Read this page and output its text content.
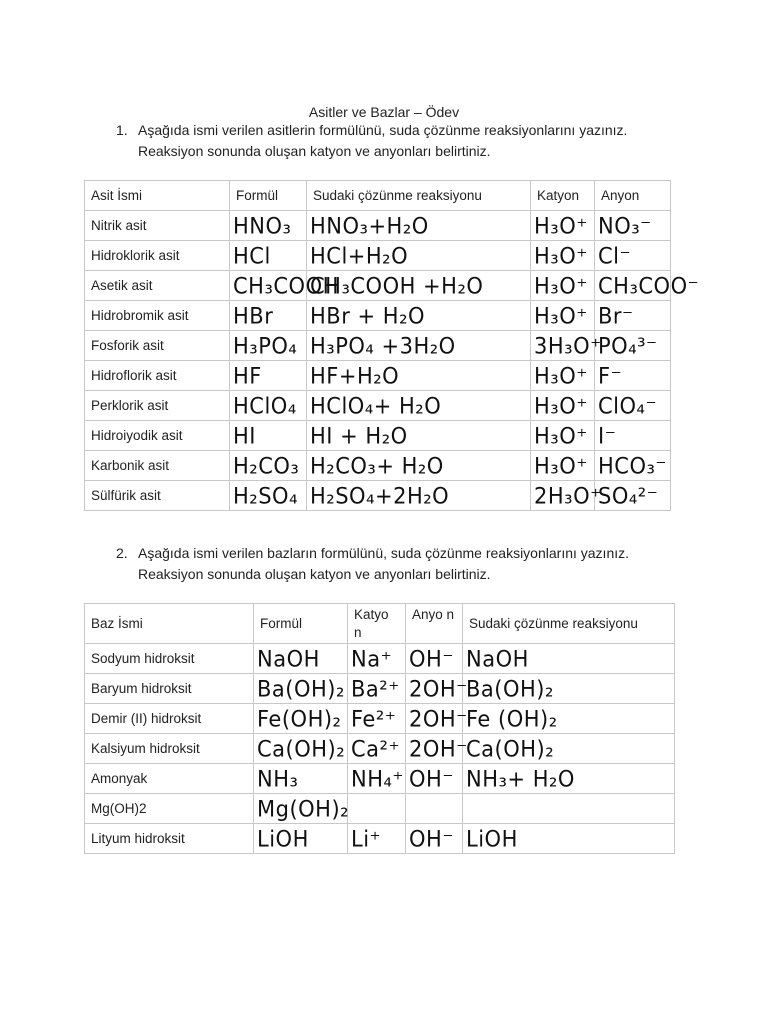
Asitler ve Bazlar – Ödev
1. Aşağıda ismi verilen asitlerin formülünü, suda çözünme reaksiyonlarını yazınız. Reaksiyon sonunda oluşan katyon ve anyonları belirtiniz.
Asit İsmi	Formül	Sudaki çözünme reaksiyonu	Katyon	Anyon
Nitrik asit	HNO₃	HNO₃+H₂O	H₃O⁺	NO₃⁻
Hidroklorik asit	HCl	HCl+H₂O	H₃O⁺	Cl⁻
Asetik asit	CH₃COOH	CH₃COOH +H₂O	H₃O⁺	CH₃COO⁻
Hidrobromik asit	HBr	HBr + H₂O	H₃O⁺	Br⁻
Fosforik asit	H₃PO₄	H₃PO₄ +3H₂O	3H₃O⁺	PO₄³⁻
Hidroflorik asit	HF	HF+H₂O	H₃O⁺	F⁻
Perklorik asit	HClO₄	HClO₄+ H₂O	H₃O⁺	ClO₄⁻
Hidroiyodik asit	HI	HI + H₂O	H₃O⁺	I⁻
Karbonik asit	H₂CO₃	H₂CO₃+ H₂O	H₃O⁺	HCO₃⁻
Sülfürik asit	H₂SO₄	H₂SO₄+2H₂O	2H₃O⁺	SO₄²⁻
2. Aşağıda ismi verilen bazların formülünü, suda çözünme reaksiyonlarını yazınız. Reaksiyon sonunda oluşan katyon ve anyonları belirtiniz.
Baz İsmi	Formül	Katyo n	Anyo n	Sudaki çözünme reaksiyonu
Sodyum hidroksit	NaOH	Na⁺	OH⁻	NaOH
Baryum hidroksit	Ba(OH)₂	Ba²⁺	2OH⁻	Ba(OH)₂
Demir (II) hidroksit	Fe(OH)₂	Fe²⁺	2OH⁻	Fe (OH)₂
Kalsiyum hidroksit	Ca(OH)₂	Ca²⁺	2OH⁻	Ca(OH)₂
Amonyak	NH₃	NH₄⁺	OH⁻	NH₃+ H₂O
Mg(OH)2	Mg(OH)₂			
Lityum hidroksit	LiOH	Li⁺	OH⁻	LiOH
